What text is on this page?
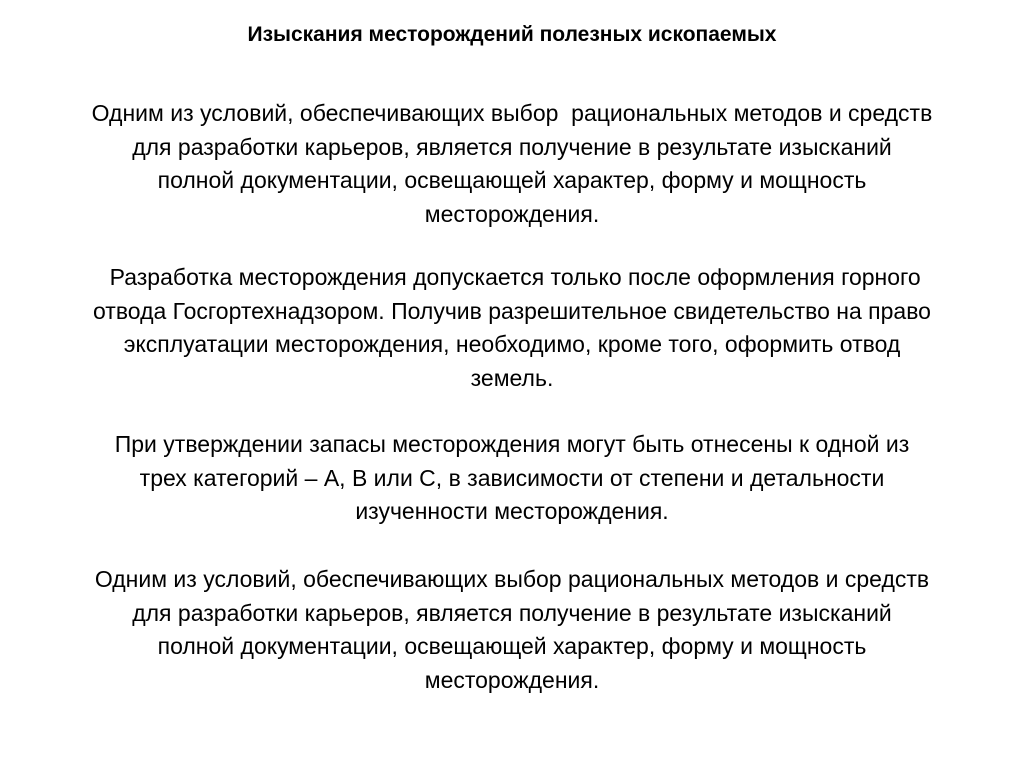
Изыскания месторождений полезных ископаемых

Одним из условий, обеспечивающих выбор  рациональных методов и средств
для разработки карьеров, является получение в результате изысканий
полной документации, освещающей характер, форму и мощность
месторождения.

Разработка месторождения допускается только после оформления горного
отвода Госгортехнадзором. Получив разрешительное свидетельство на право
эксплуатации месторождения, необходимо, кроме того, оформить отвод
земель.

При утверждении запасы месторождения могут быть отнесены к одной из
трех категорий – А, В или С, в зависимости от степени и детальности
изученности месторождения.

Одним из условий, обеспечивающих выбор рациональных методов и средств
для разработки карьеров, является получение в результате изысканий
полной документации, освещающей характер, форму и мощность
месторождения.
